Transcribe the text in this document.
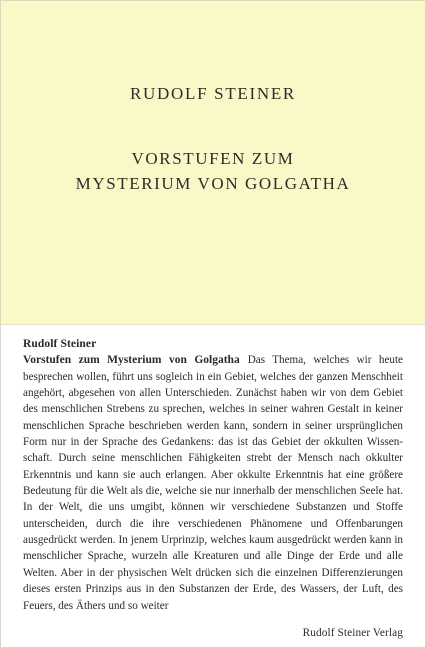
RUDOLF STEINER
VORSTUFEN ZUM
MYSTERIUM VON GOLGATHA

Rudolf Steiner

Vorstufen zum Mysterium von Golgatha Das Thema, welches wir heute besprechen wollen, führt uns sogleich in ein Gebiet, welches der ganzen Menschheit angehört, abgesehen von allen Unterschieden. Zunächst haben wir von dem Gebiet des menschlichen Strebens zu sprechen, welches in seiner wahren Gestalt in keiner menschlichen Sprache beschrieben werden kann, sondern in seiner ursprünglichen Form nur in der Sprache des Gedankens: das ist das Gebiet der okkulten Wissenschaft. Durch seine menschlichen Fähigkeiten strebt der Mensch nach okkulter Erkenntnis und kann sie auch erlangen. Aber okkulte Erkenntnis hat eine größere Bedeutung für die Welt als die, welche sie nur innerhalb der menschlichen Seele hat. In der Welt, die uns umgibt, können wir verschiedene Substanzen und Stoffe unterscheiden, durch die ihre verschiedenen Phänomene und Offenbarungen ausgedrückt werden. In jenem Urprinzip, welches kaum ausgedrückt werden kann in menschlicher Sprache, wurzeln alle Kreaturen und alle Dinge der Erde und alle Welten. Aber in der physischen Welt drücken sich die einzelnen Differenzierungen dieses ersten Prinzips aus in den Substanzen der Erde, des Wassers, der Luft, des Feuers, des Äthers und so weiter

Rudolf Steiner Verlag
